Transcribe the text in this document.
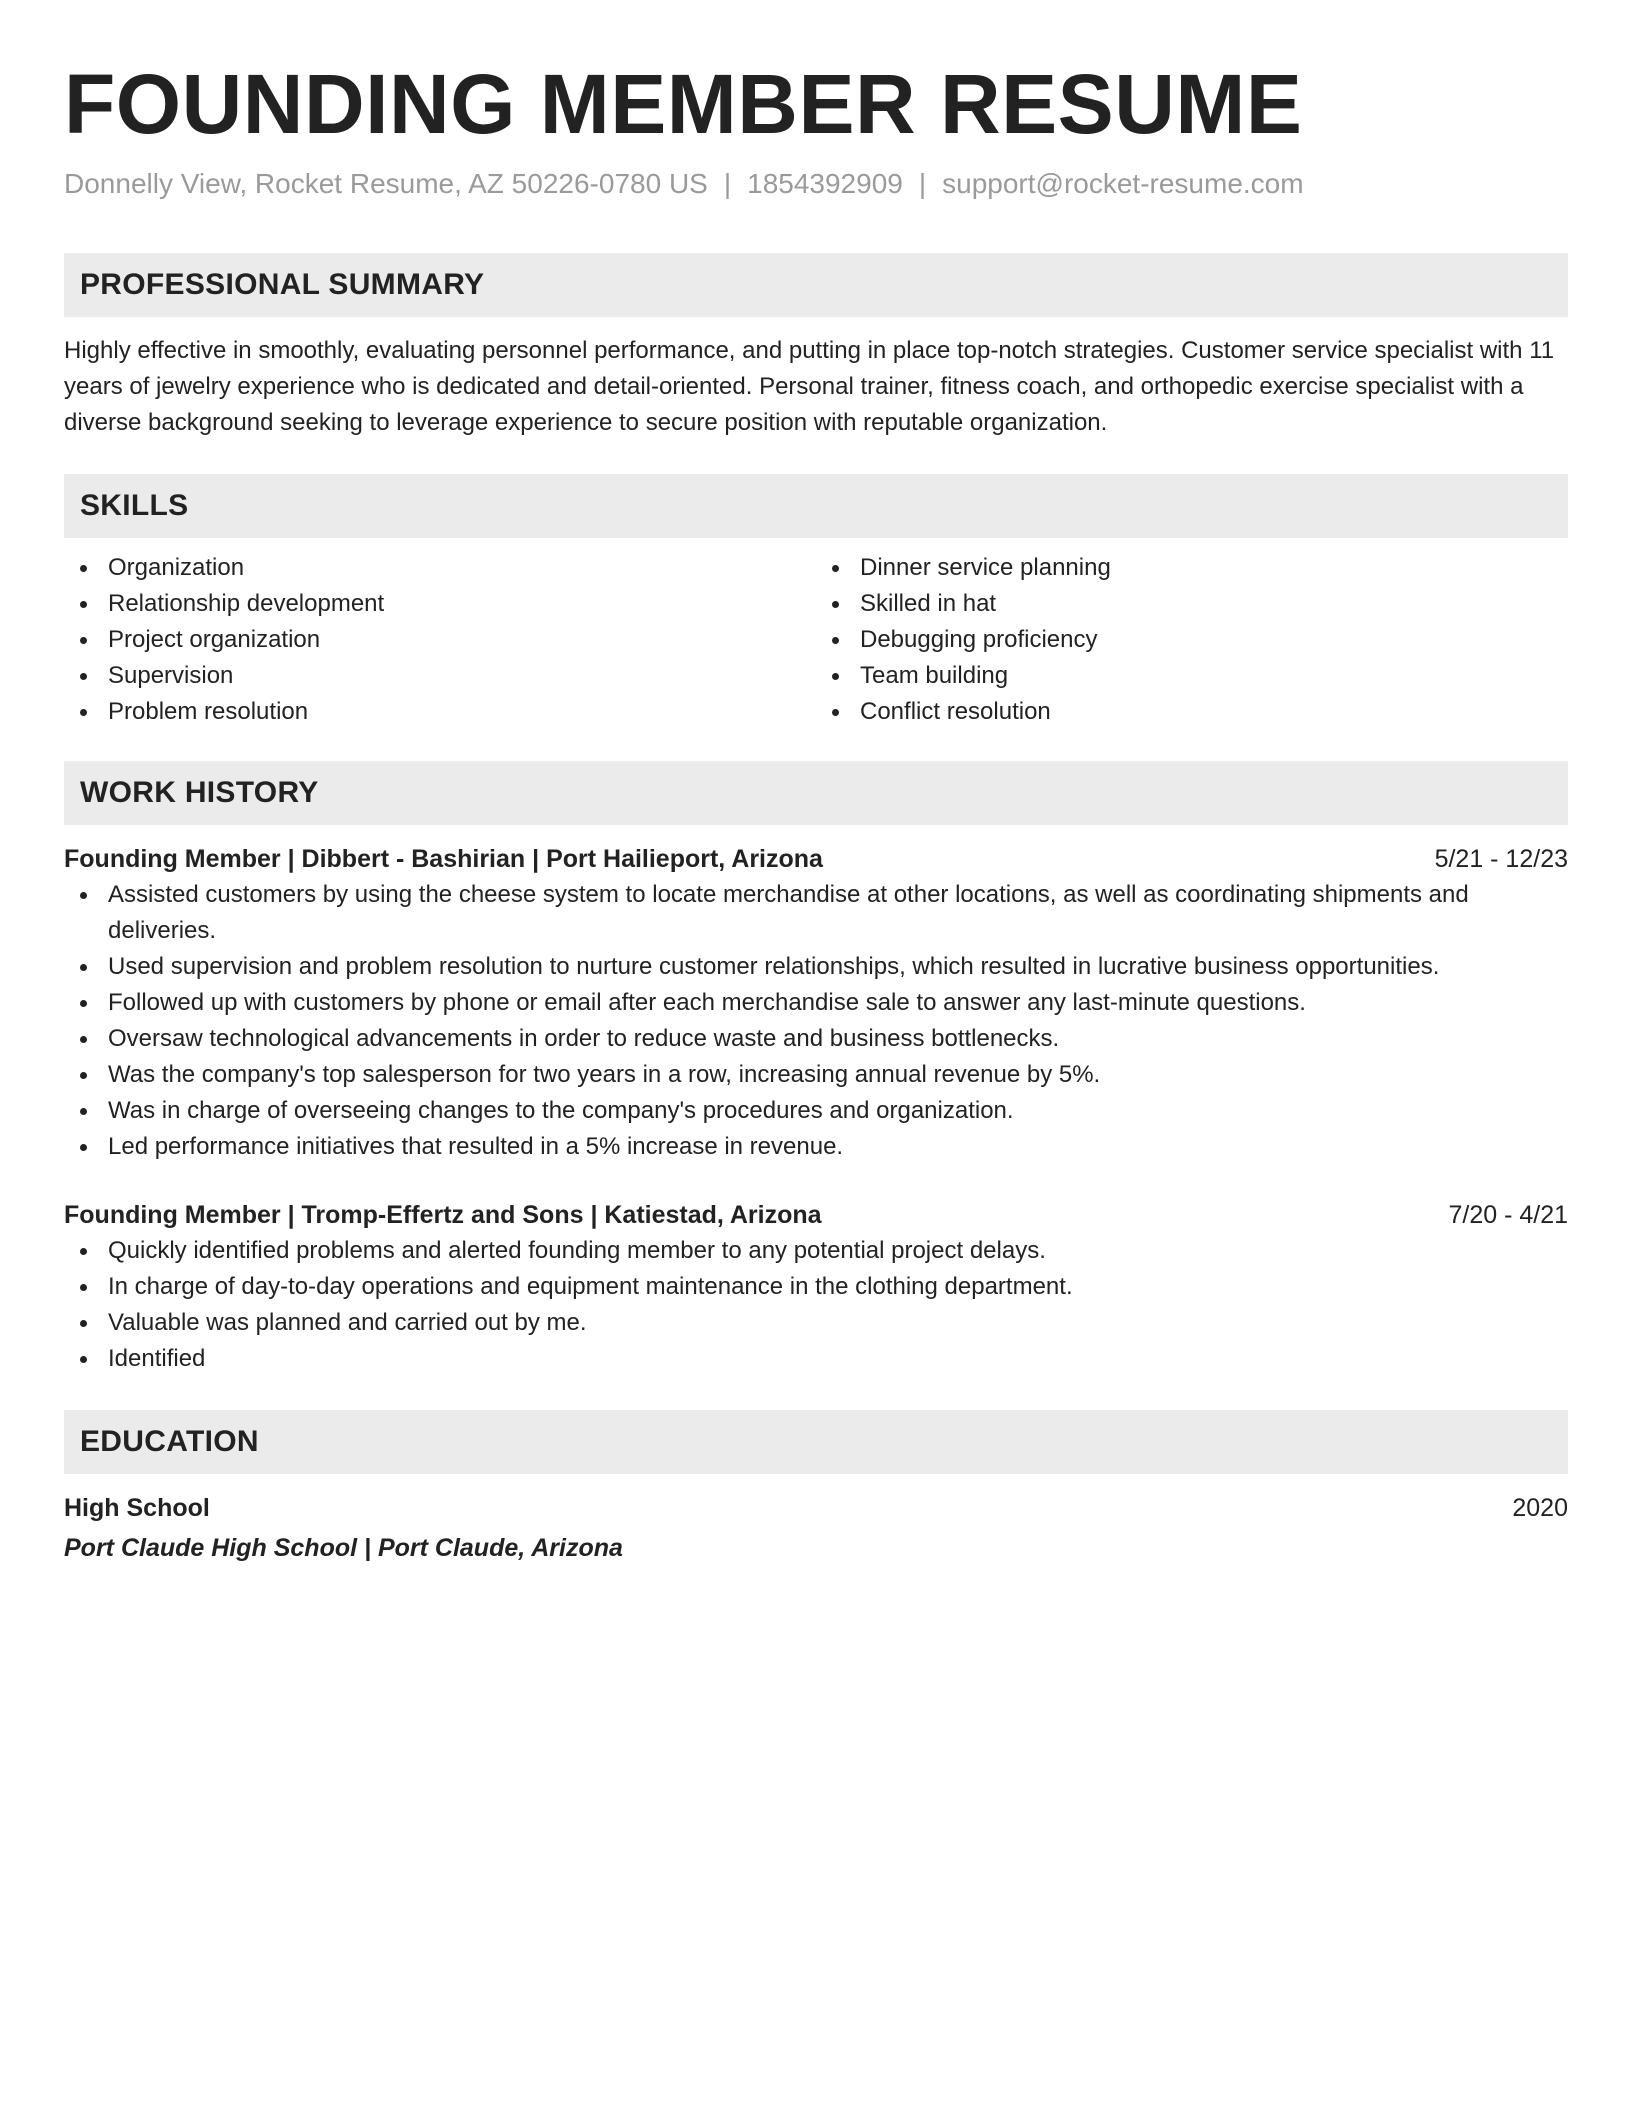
FOUNDING MEMBER RESUME
Donnelly View, Rocket Resume, AZ 50226-0780 US | 1854392909 | support@rocket-resume.com
PROFESSIONAL SUMMARY
Highly effective in smoothly, evaluating personnel performance, and putting in place top-notch strategies. Customer service specialist with 11 years of jewelry experience who is dedicated and detail-oriented. Personal trainer, fitness coach, and orthopedic exercise specialist with a diverse background seeking to leverage experience to secure position with reputable organization.
SKILLS
Organization
Relationship development
Project organization
Supervision
Problem resolution
Dinner service planning
Skilled in hat
Debugging proficiency
Team building
Conflict resolution
WORK HISTORY
Founding Member | Dibbert - Bashirian | Port Hailieport, Arizona	5/21 - 12/23
Assisted customers by using the cheese system to locate merchandise at other locations, as well as coordinating shipments and deliveries.
Used supervision and problem resolution to nurture customer relationships, which resulted in lucrative business opportunities.
Followed up with customers by phone or email after each merchandise sale to answer any last-minute questions.
Oversaw technological advancements in order to reduce waste and business bottlenecks.
Was the company's top salesperson for two years in a row, increasing annual revenue by 5%.
Was in charge of overseeing changes to the company's procedures and organization.
Led performance initiatives that resulted in a 5% increase in revenue.
Founding Member | Tromp-Effertz and Sons | Katiestad, Arizona	7/20 - 4/21
Quickly identified problems and alerted founding member to any potential project delays.
In charge of day-to-day operations and equipment maintenance in the clothing department.
Valuable was planned and carried out by me.
Identified
EDUCATION
High School	2020
Port Claude High School | Port Claude, Arizona
